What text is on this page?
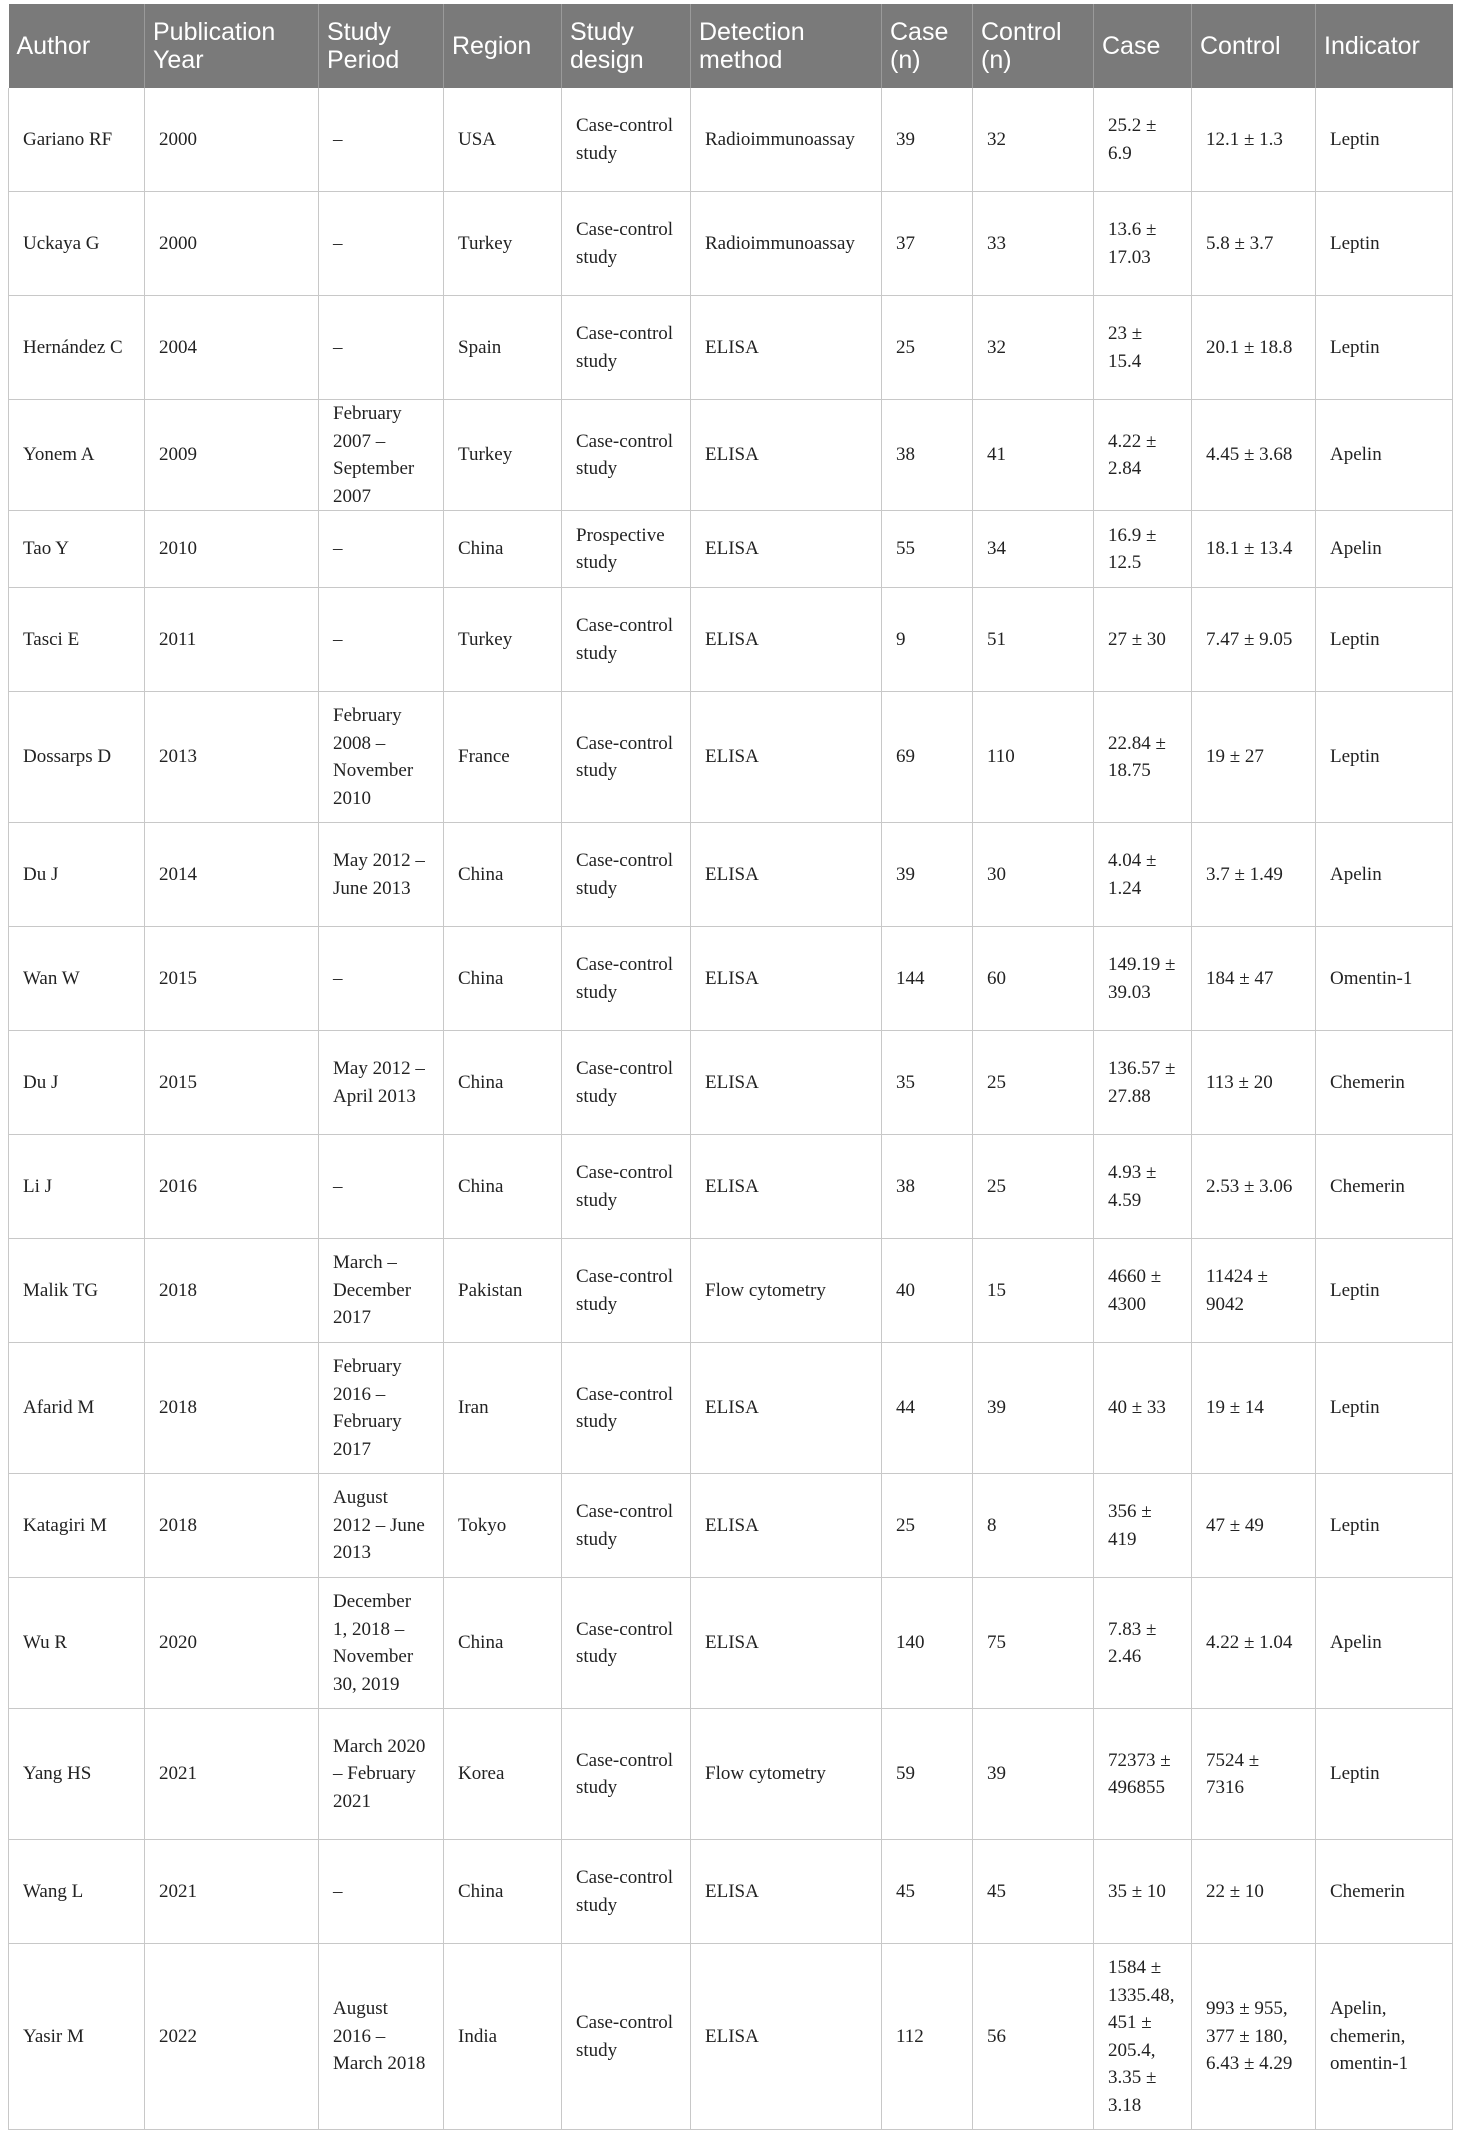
Author	Publication Year	Study Period	Region	Study design	Detection method	Case (n)	Control (n)	Case	Control	Indicator
Gariano RF	2000	–	USA	Case-control study	Radioimmunoassay	39	32	25.2 ± 6.9	12.1 ± 1.3	Leptin
Uckaya G	2000	–	Turkey	Case-control study	Radioimmunoassay	37	33	13.6 ± 17.03	5.8 ± 3.7	Leptin
Hernández C	2004	–	Spain	Case-control study	ELISA	25	32	23 ± 15.4	20.1 ± 18.8	Leptin
Yonem A	2009	February 2007 – September 2007	Turkey	Case-control study	ELISA	38	41	4.22 ± 2.84	4.45 ± 3.68	Apelin
Tao Y	2010	–	China	Prospective study	ELISA	55	34	16.9 ± 12.5	18.1 ± 13.4	Apelin
Tasci E	2011	–	Turkey	Case-control study	ELISA	9	51	27 ± 30	7.47 ± 9.05	Leptin
Dossarps D	2013	February 2008 – November 2010	France	Case-control study	ELISA	69	110	22.84 ± 18.75	19 ± 27	Leptin
Du J	2014	May 2012 – June 2013	China	Case-control study	ELISA	39	30	4.04 ± 1.24	3.7 ± 1.49	Apelin
Wan W	2015	–	China	Case-control study	ELISA	144	60	149.19 ± 39.03	184 ± 47	Omentin-1
Du J	2015	May 2012 – April 2013	China	Case-control study	ELISA	35	25	136.57 ± 27.88	113 ± 20	Chemerin
Li J	2016	–	China	Case-control study	ELISA	38	25	4.93 ± 4.59	2.53 ± 3.06	Chemerin
Malik TG	2018	March – December 2017	Pakistan	Case-control study	Flow cytometry	40	15	4660 ± 4300	11424 ± 9042	Leptin
Afarid M	2018	February 2016 – February 2017	Iran	Case-control study	ELISA	44	39	40 ± 33	19 ± 14	Leptin
Katagiri M	2018	August 2012 – June 2013	Tokyo	Case-control study	ELISA	25	8	356 ± 419	47 ± 49	Leptin
Wu R	2020	December 1, 2018 – November 30, 2019	China	Case-control study	ELISA	140	75	7.83 ± 2.46	4.22 ± 1.04	Apelin
Yang HS	2021	March 2020 – February 2021	Korea	Case-control study	Flow cytometry	59	39	72373 ± 496855	7524 ± 7316	Leptin
Wang L	2021	–	China	Case-control study	ELISA	45	45	35 ± 10	22 ± 10	Chemerin
Yasir M	2022	August 2016 – March 2018	India	Case-control study	ELISA	112	56	1584 ± 1335.48, 451 ± 205.4, 3.35 ± 3.18	993 ± 955, 377 ± 180, 6.43 ± 4.29	Apelin, chemerin, omentin-1
